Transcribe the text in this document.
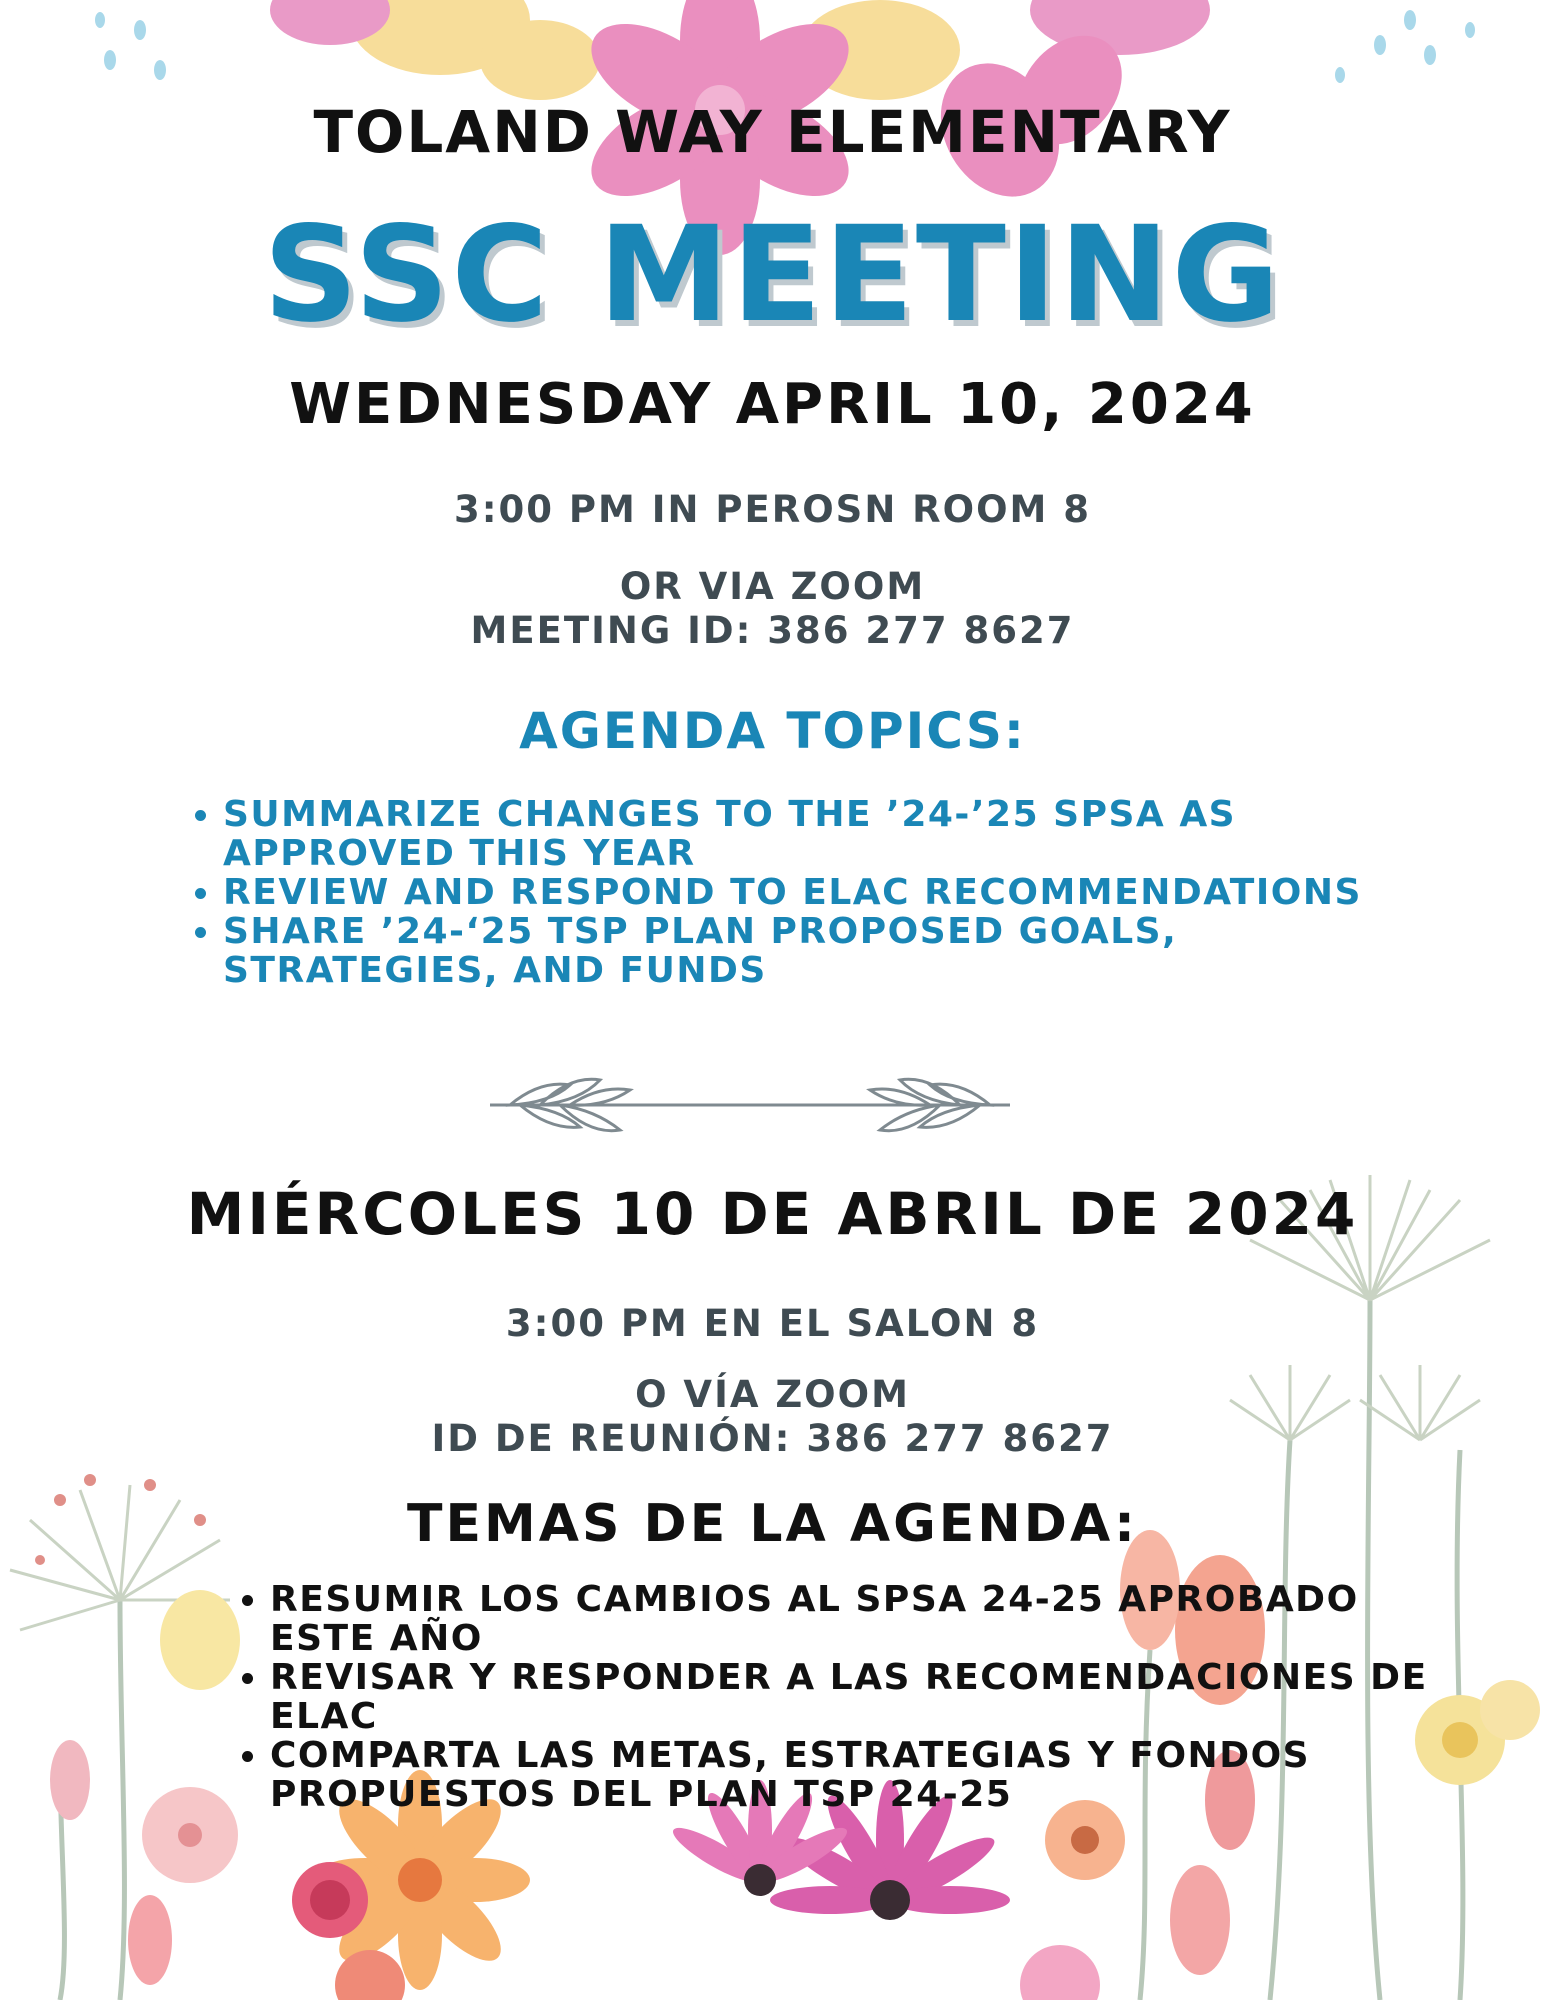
TOLAND WAY ELEMENTARY
SSC MEETING
WEDNESDAY APRIL 10, 2024
3:00 PM IN PEROSN ROOM 8
OR VIA ZOOM
MEETING ID: 386 277 8627
AGENDA TOPICS:
• SUMMARIZE CHANGES TO THE ’24-’25 SPSA AS APPROVED THIS YEAR
• REVIEW AND RESPOND TO ELAC RECOMMENDATIONS
• SHARE ’24-‘25 TSP PLAN PROPOSED GOALS, STRATEGIES, AND FUNDS
MIÉRCOLES 10 DE ABRIL DE 2024
3:00 PM EN EL SALON 8
O VÍA ZOOM
ID DE REUNIÓN: 386 277 8627
TEMAS DE LA AGENDA:
• RESUMIR LOS CAMBIOS AL SPSA 24-25 APROBADO ESTE AÑO
• REVISAR Y RESPONDER A LAS RECOMENDACIONES DE ELAC
• COMPARTA LAS METAS, ESTRATEGIAS Y FONDOS PROPUESTOS DEL PLAN TSP 24-25
